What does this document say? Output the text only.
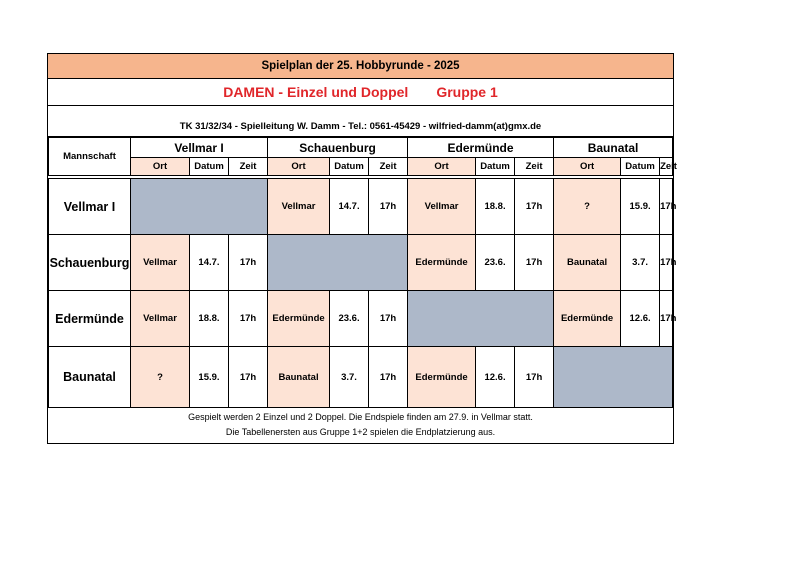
Spielplan der 25. Hobbyrunde - 2025
DAMEN - Einzel und Doppel Gruppe 1
TK 31/32/34 - Spielleitung W. Damm - Tel.: 0561-45429 - wilfried-damm(at)gmx.de
Mannschaft	Vellmar I			Schauenburg			Edermünde			Baunatal		
	Ort	Datum	Zeit	Ort	Datum	Zeit	Ort	Datum	Zeit	Ort	Datum	Zeit

Vellmar I				Vellmar	14.7.	17h	Vellmar	18.8.	17h	?	15.9.	17h
Schauenburg	Vellmar	14.7.	17h				Edermünde	23.6.	17h	Baunatal	3.7.	17h
Edermünde	Vellmar	18.8.	17h	Edermünde	23.6.	17h				Edermünde	12.6.	17h
Baunatal	?	15.9.	17h	Baunatal	3.7.	17h	Edermünde	12.6.	17h			
Gespielt werden 2 Einzel und 2 Doppel. Die Endspiele finden am 27.9. in Vellmar statt.
Die Tabellenersten aus Gruppe 1+2 spielen die Endplatzierung aus.
